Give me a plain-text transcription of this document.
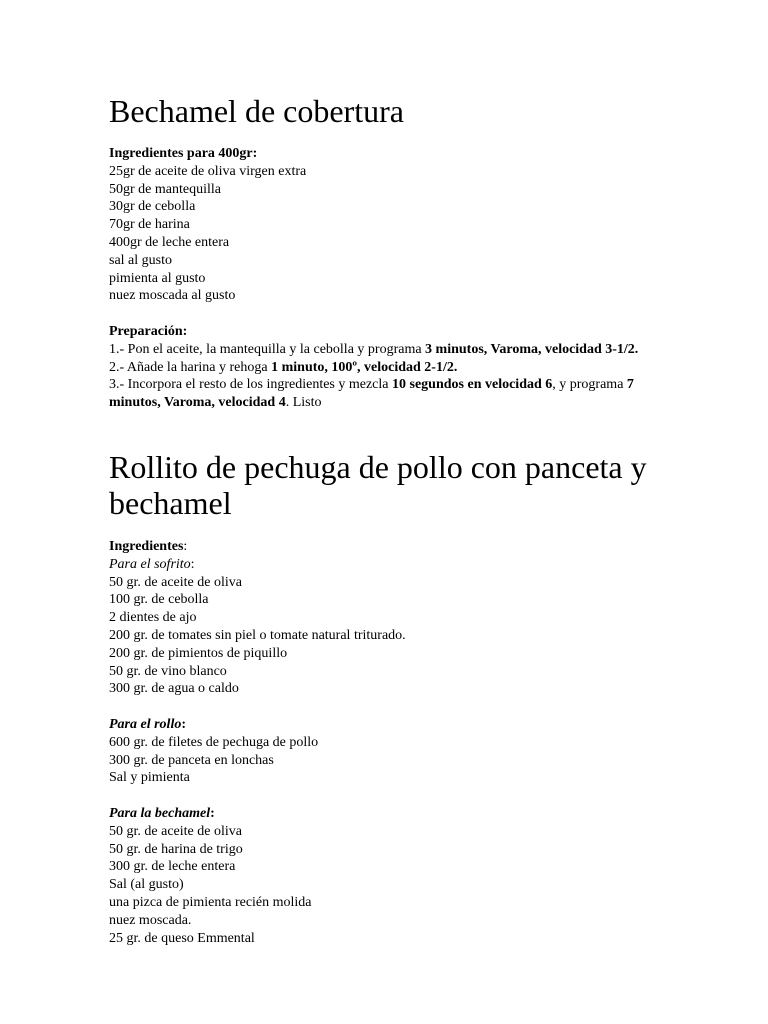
Bechamel de cobertura
Ingredientes para 400gr:
25gr de aceite de oliva virgen extra
50gr de mantequilla
30gr de cebolla
70gr de harina
400gr de leche entera
sal al gusto
pimienta al gusto
nuez moscada al gusto
Preparación:
1.- Pon el aceite, la mantequilla y la cebolla y programa 3 minutos, Varoma, velocidad 3-1/2.
2.- Añade la harina y rehoga 1 minuto, 100º, velocidad 2-1/2.
3.- Incorpora el resto de los ingredientes y mezcla 10 segundos en velocidad 6, y programa 7 minutos, Varoma, velocidad 4. Listo
Rollito de pechuga de pollo con panceta y bechamel
Ingredientes:
Para el sofrito:
50 gr. de aceite de oliva
100 gr. de cebolla
2 dientes de ajo
200 gr. de tomates sin piel o tomate natural triturado.
200 gr. de pimientos de piquillo
50 gr. de vino blanco
300 gr. de agua o caldo
Para el rollo:
600 gr. de filetes de pechuga de pollo
300 gr. de panceta en lonchas
Sal y pimienta
Para la bechamel:
50 gr. de aceite de oliva
50 gr. de harina de trigo
300 gr. de leche entera
Sal (al gusto)
una pizca de pimienta recién molida
nuez moscada.
25 gr. de queso Emmental
